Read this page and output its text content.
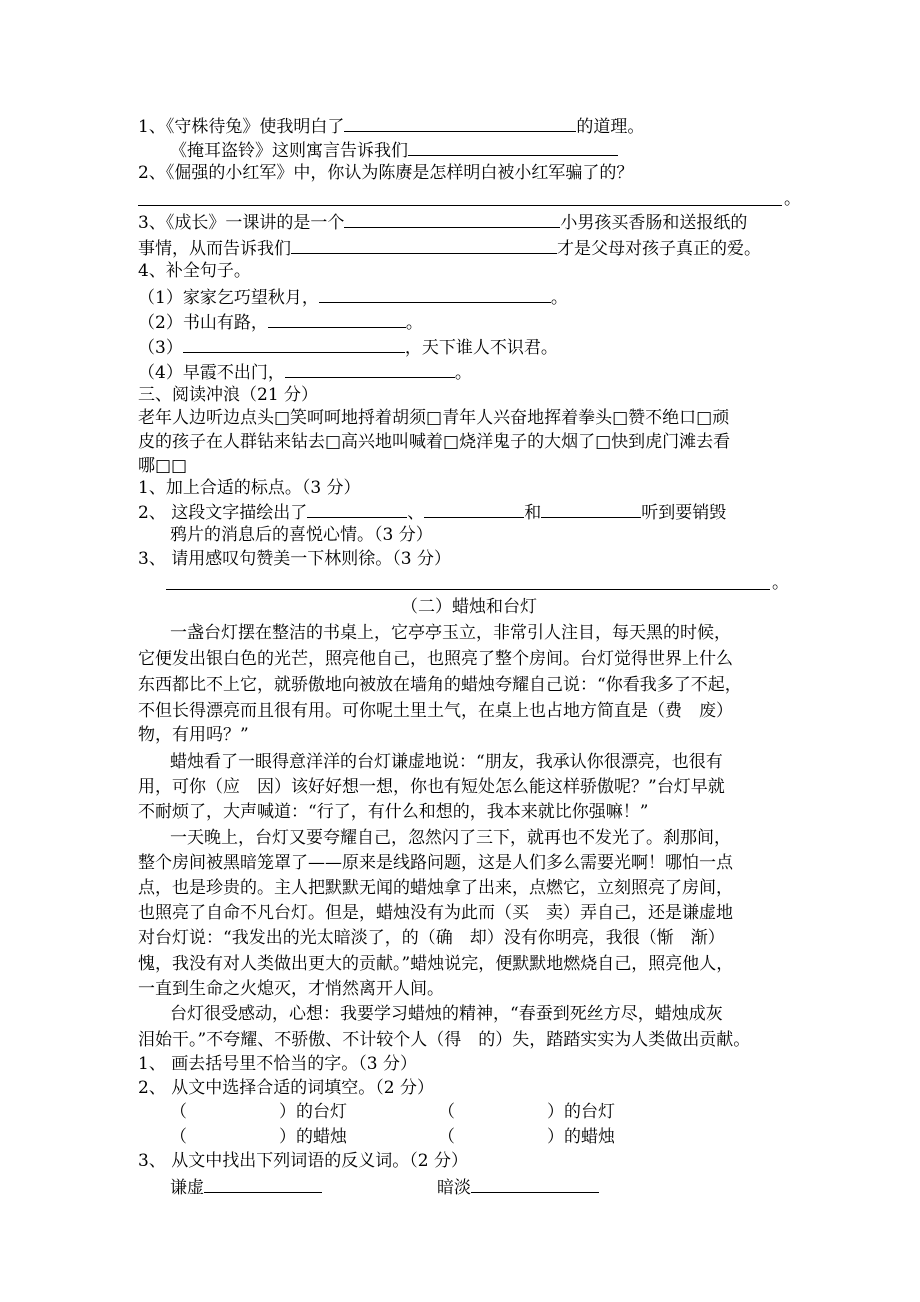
1、《守株待兔》使我明白了	的道理。
《掩耳盗铃》这则寓言告诉我们
2、《倔强的小红军》中，你认为陈赓是怎样明白被小红军骗了的？
。
3、《成长》一课讲的是一个	小男孩买香肠和送报纸的
事情，从而告诉我们	才是父母对孩子真正的爱。
4、补全句子。
（1）家家乞巧望秋月，	。
（2）书山有路，	。
（3）	，天下谁人不识君。
（4）早霞不出门，	。
三、阅读冲浪（21 分）
老年人边听边点头□笑呵呵地捋着胡须□青年人兴奋地挥着拳头□赞不绝口□顽
皮的孩子在人群钻来钻去□高兴地叫喊着□烧洋鬼子的大烟了□快到虎门滩去看
哪□□
1、加上合适的标点。（3 分）
2、 这段文字描绘出了	、	和	听到要销毁
鸦片的消息后的喜悦心情。（3 分）
3、 请用感叹句赞美一下林则徐。（3 分）
。
（二）蜡烛和台灯
一盏台灯摆在整洁的书桌上，它亭亭玉立，非常引人注目，每天黑的时候，
它便发出银白色的光芒，照亮他自己，也照亮了整个房间。台灯觉得世界上什么
东西都比不上它，就骄傲地向被放在墙角的蜡烛夸耀自己说：“你看我多了不起，
不但长得漂亮而且很有用。可你呢土里土气，在桌上也占地方简直是（费　废）
物，有用吗？”
蜡烛看了一眼得意洋洋的台灯谦虚地说：“朋友，我承认你很漂亮，也很有
用，可你（应　因）该好好想一想，你也有短处怎么能这样骄傲呢？”台灯早就
不耐烦了，大声喊道：“行了，有什么和想的，我本来就比你强嘛！”
一天晚上，台灯又要夸耀自己，忽然闪了三下，就再也不发光了。刹那间，
整个房间被黑暗笼罩了——原来是线路问题，这是人们多么需要光啊！哪怕一点
点，也是珍贵的。主人把默默无闻的蜡烛拿了出来，点燃它，立刻照亮了房间，
也照亮了自命不凡台灯。但是，蜡烛没有为此而（买　卖）弄自己，还是谦虚地
对台灯说：“我发出的光太暗淡了，的（确　却）没有你明亮，我很（惭　渐）
愧，我没有对人类做出更大的贡献。”蜡烛说完，便默默地燃烧自己，照亮他人，
一直到生命之火熄灭，才悄然离开人间。
台灯很受感动，心想：我要学习蜡烛的精神，“春蚕到死丝方尽，蜡烛成灰
泪始干。”不夸耀、不骄傲、不计较个人（得　的）失，踏踏实实为人类做出贡献。
1、 画去括号里不恰当的字。（3 分）
2、 从文中选择合适的词填空。（2 分）
（	）的台灯	（	）的台灯
（	）的蜡烛	（	）的蜡烛
3、 从文中找出下列词语的反义词。（2 分）
谦虚	暗淡
